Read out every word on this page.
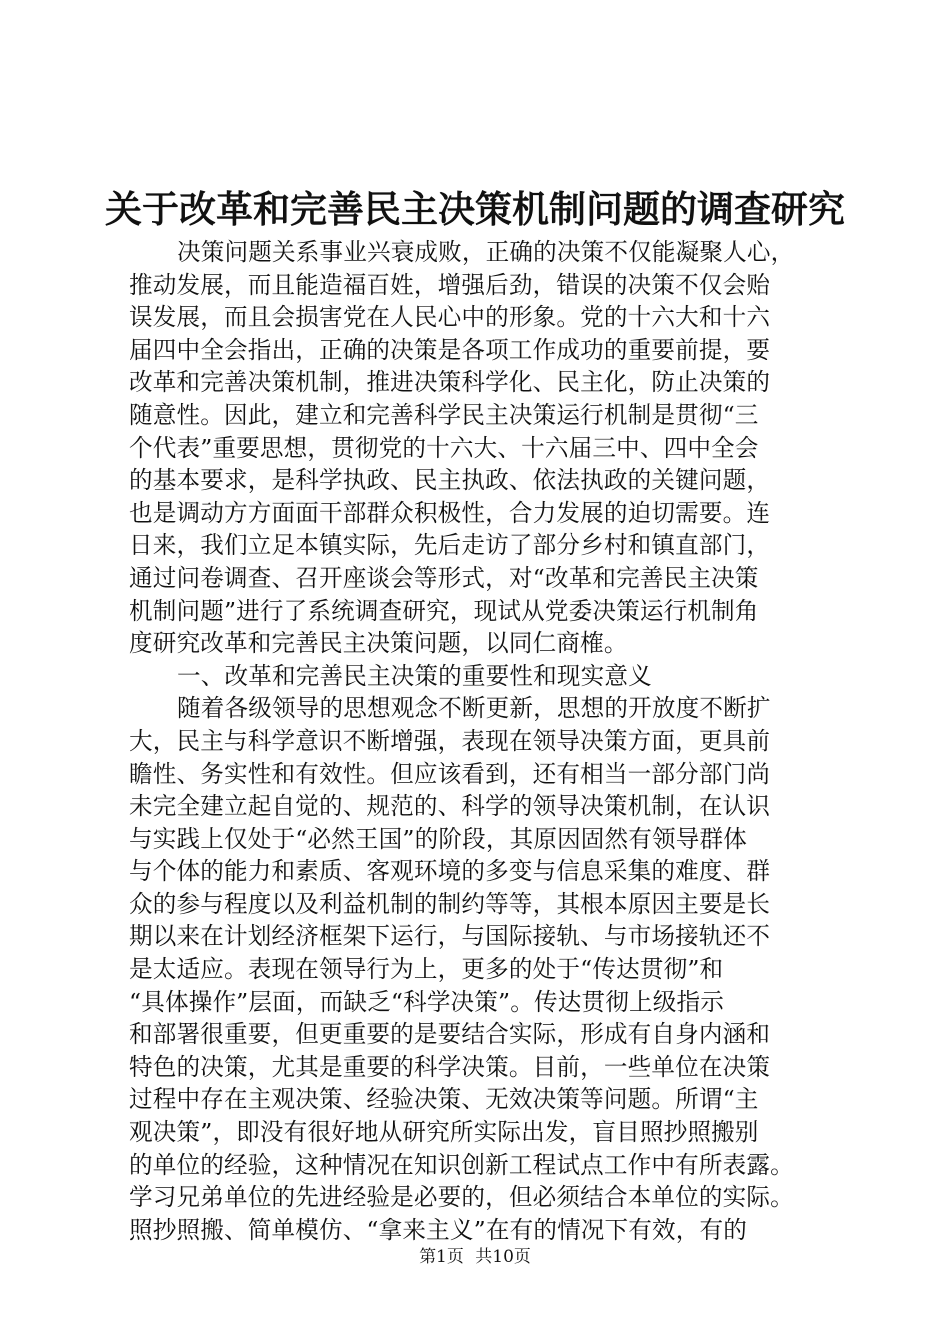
关于改革和完善民主决策机制问题的调查研究
决策问题关系事业兴衰成败，正确的决策不仅能凝聚人心，
推动发展，而且能造福百姓，增强后劲，错误的决策不仅会贻
误发展，而且会损害党在人民心中的形象。党的十六大和十六
届四中全会指出，正确的决策是各项工作成功的重要前提，要
改革和完善决策机制，推进决策科学化、民主化，防止决策的
随意性。因此，建立和完善科学民主决策运行机制是贯彻“三
个代表”重要思想，贯彻党的十六大、十六届三中、四中全会
的基本要求，是科学执政、民主执政、依法执政的关键问题，
也是调动方方面面干部群众积极性，合力发展的迫切需要。连
日来，我们立足本镇实际，先后走访了部分乡村和镇直部门，
通过问卷调查、召开座谈会等形式，对“改革和完善民主决策
机制问题”进行了系统调查研究，现试从党委决策运行机制角
度研究改革和完善民主决策问题，以同仁商榷。
一、改革和完善民主决策的重要性和现实意义
随着各级领导的思想观念不断更新，思想的开放度不断扩
大，民主与科学意识不断增强，表现在领导决策方面，更具前
瞻性、务实性和有效性。但应该看到，还有相当一部分部门尚
未完全建立起自觉的、规范的、科学的领导决策机制，在认识
与实践上仅处于“必然王国”的阶段，其原因固然有领导群体
与个体的能力和素质、客观环境的多变与信息采集的难度、群
众的参与程度以及利益机制的制约等等，其根本原因主要是长
期以来在计划经济框架下运行，与国际接轨、与市场接轨还不
是太适应。表现在领导行为上，更多的处于“传达贯彻”和
“具体操作”层面，而缺乏“科学决策”。传达贯彻上级指示
和部署很重要，但更重要的是要结合实际，形成有自身内涵和
特色的决策，尤其是重要的科学决策。目前，一些单位在决策
过程中存在主观决策、经验决策、无效决策等问题。所谓“主
观决策”，即没有很好地从研究所实际出发，盲目照抄照搬别
的单位的经验，这种情况在知识创新工程试点工作中有所表露。
学习兄弟单位的先进经验是必要的，但必须结合本单位的实际。
照抄照搬、简单模仿、“拿来主义”在有的情况下有效，有的
第1页 共10页
